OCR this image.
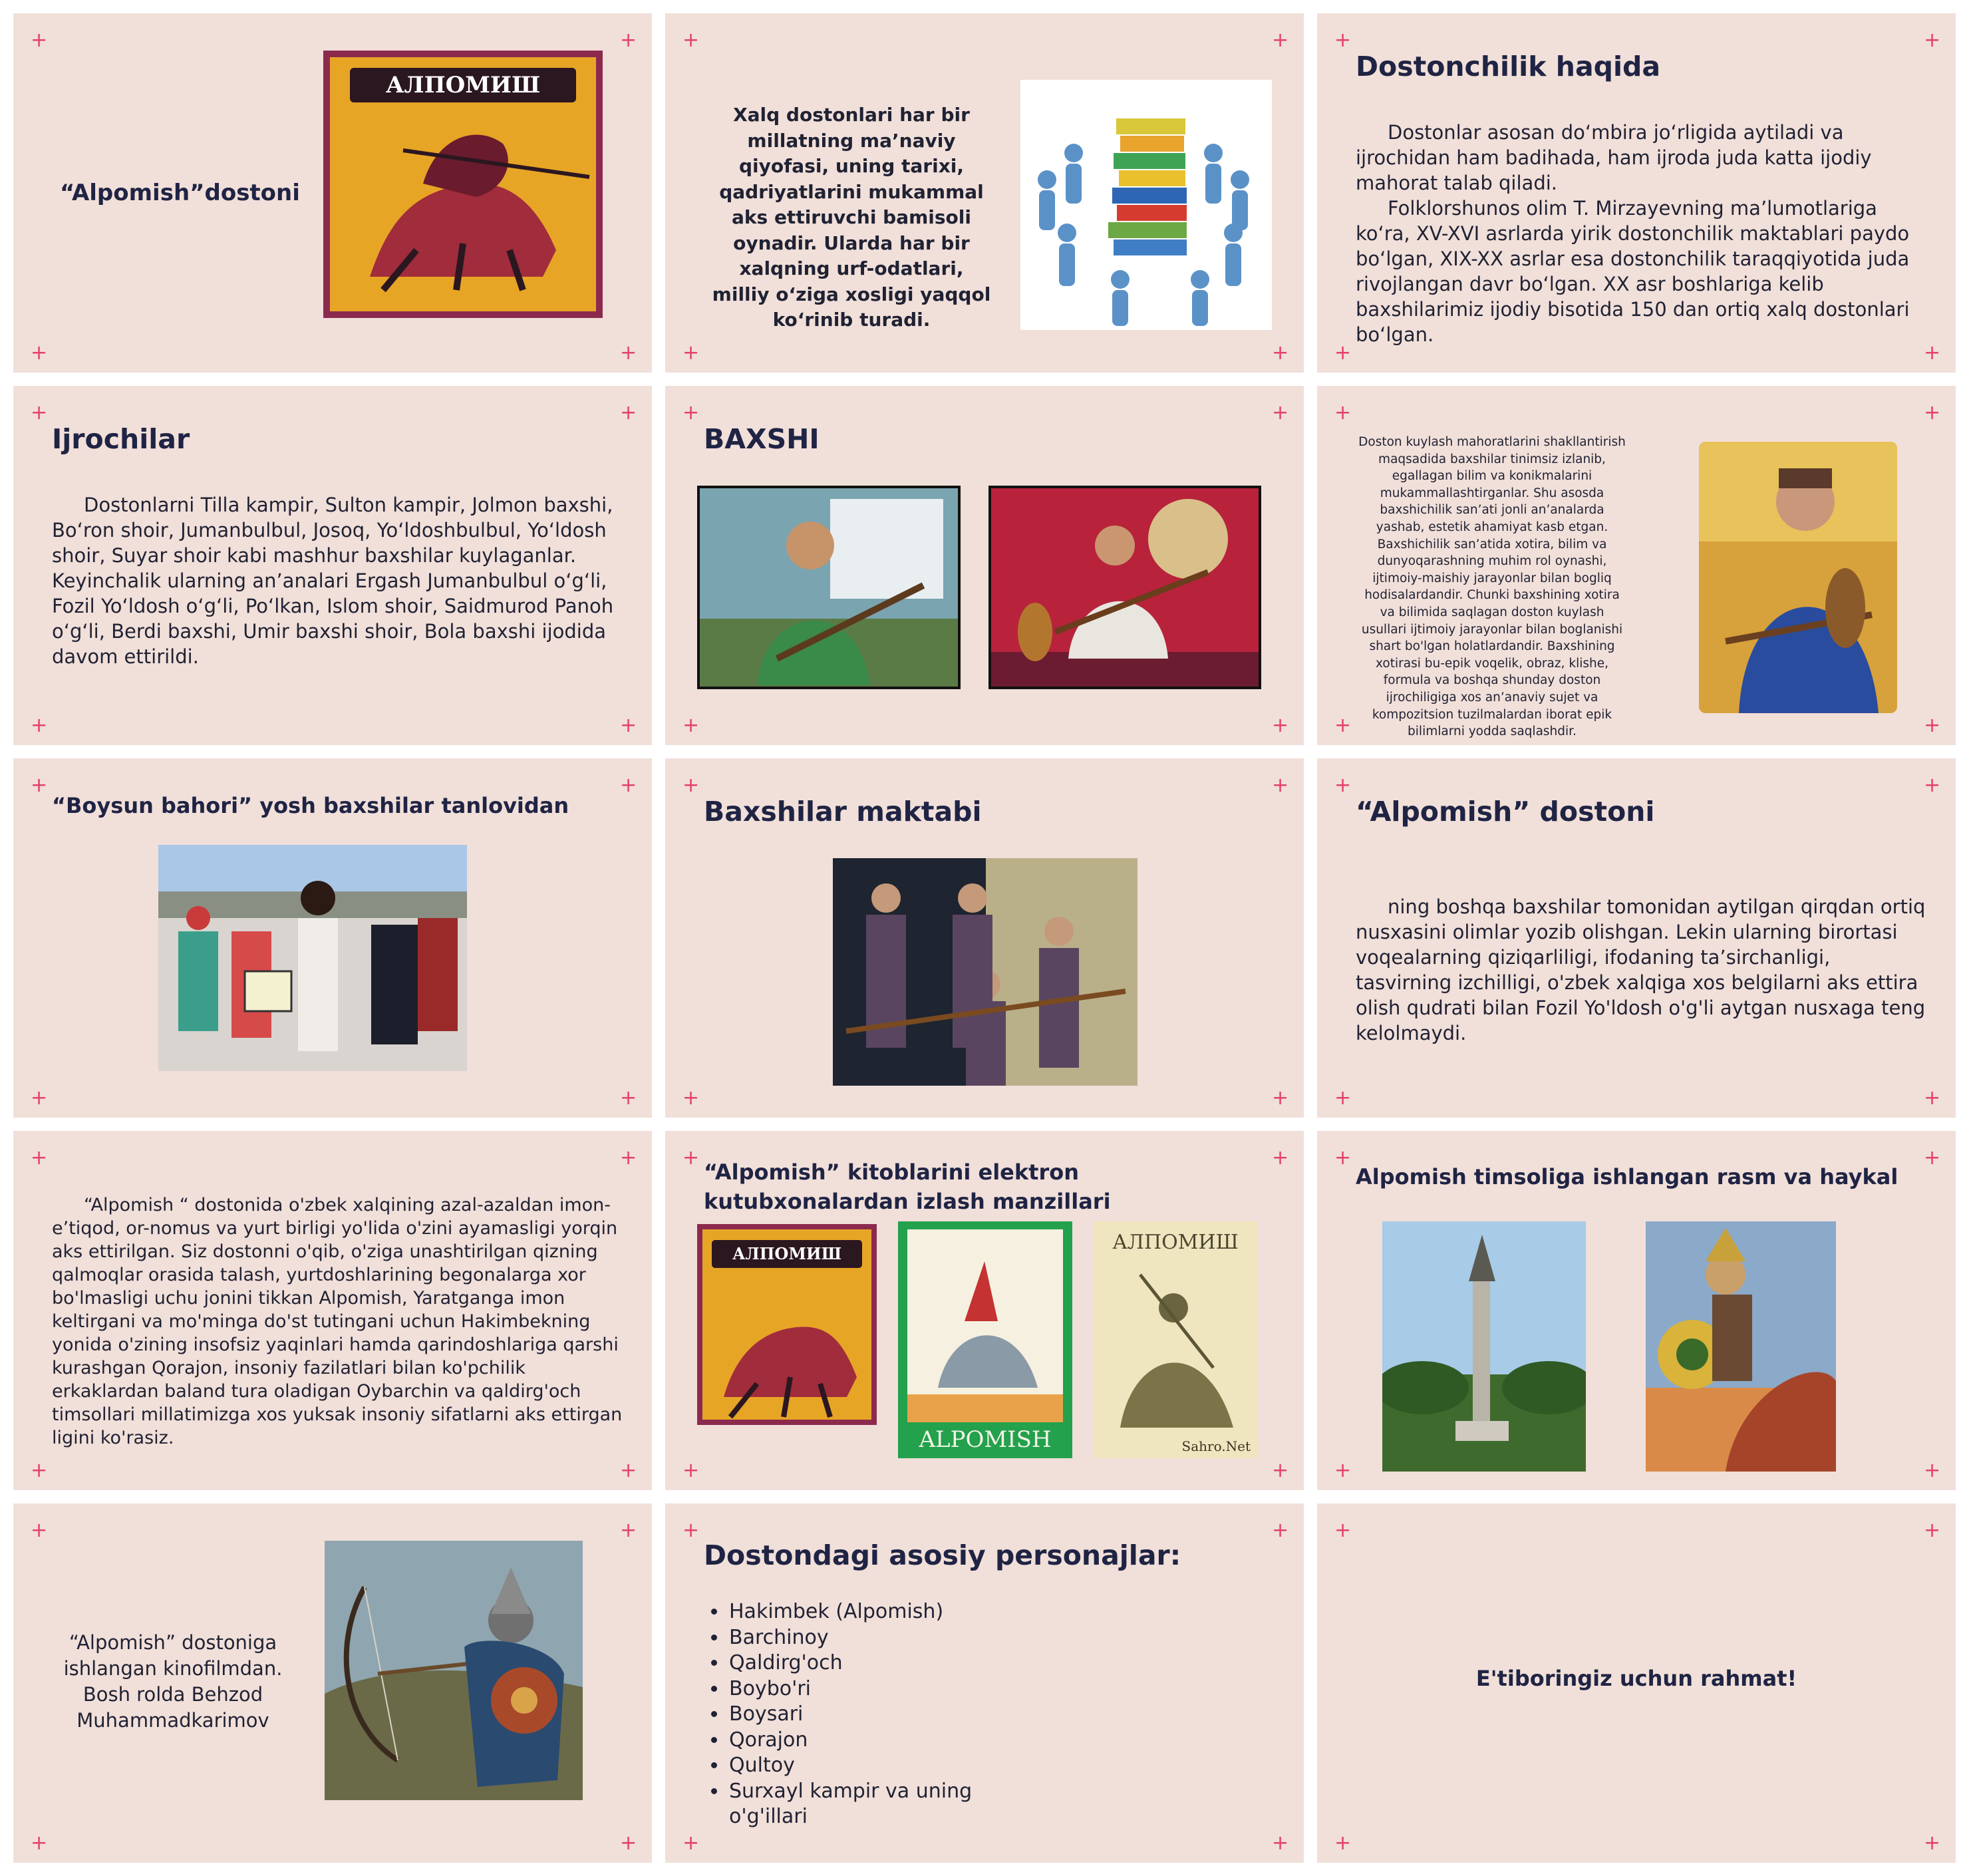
+	+
+	+
“Alpomish”dostoni
АЛПОМИШ
+	+
+	+
Xalq dostonlari har bir millatning ma’naviy qiyofasi, uning tarixi, qadriyatlarini mukammal aks ettiruvchi bamisoli oynadir. Ularda har bir xalqning urf-odatlari, milliy o‘ziga xosligi yaqqol ko‘rinib turadi.
+	+
+	+
Dostonchilik haqida

Dostonlar asosan do‘mbira jo‘rligida aytiladi va ijrochidan ham badihada, ham ijroda juda katta ijodiy mahorat talab qiladi.

Folklorshunos olim T. Mirzayevning ma’lumotlariga ko‘ra, XV-XVI asrlarda yirik dostonchilik maktablari paydo bo‘lgan, XIX-XX asrlar esa dostonchilik taraqqiyotida juda rivojlangan davr bo‘lgan. XX asr boshlariga kelib baxshilarimiz ijodiy bisotida 150 dan ortiq xalq dostonlari bo‘lgan.

+	+
+	+
Ijrochilar

Dostonlarni Tilla kampir, Sulton kampir, Jolmon baxshi, Bo‘ron shoir, Jumanbulbul, Josoq, Yo‘ldoshbulbul, Yo‘ldosh shoir, Suyar shoir kabi mashhur baxshilar kuylaganlar. Keyinchalik ularning an’analari Ergash Jumanbulbul o‘g‘li, Fozil Yo‘ldosh o‘g‘li, Po‘lkan, Islom shoir, Saidmurod Panoh o‘g‘li, Berdi baxshi, Umir baxshi shoir, Bola baxshi ijodida davom ettirildi.

+	+
+	+
BAXSHI
+	+
+	+
Doston kuylash mahoratlarini shakllantirish maqsadida baxshilar tinimsiz izlanib, egallagan bilim va konikmalarini mukammallashtirganlar. Shu asosda baxshichilik san’ati jonli an’analarda yashab, estetik ahamiyat kasb etgan. Baxshichilik san’atida xotira, bilim va dunyoqarashning muhim rol oynashi, ijtimoiy-maishiy jarayonlar bilan bogliq hodisalardandir. Chunki baxshining xotira va bilimida saqlagan doston kuylash usullari ijtimoiy jarayonlar bilan boglanishi shart bo'lgan holatlardandir. Baxshining xotirasi bu-epik voqelik, obraz, klishe, formula va boshqa shunday doston ijrochiligiga xos an’anaviy sujet va kompozitsion tuzilmalardan iborat epik bilimlarni yodda saqlashdir.
+	+
+	+
“Boysun bahori” yosh baxshilar tanlovidan
+	+
+	+
Baxshilar maktabi
+	+
+	+
“Alpomish” dostoni

ning boshqa baxshilar tomonidan aytilgan qirqdan ortiq nusxasini olimlar yozib olishgan. Lekin ularning birortasi voqealarning qiziqarliligi, ifodaning ta’sirchanligi, tasvirning izchilligi, o'zbek xalqiga xos belgilarni aks ettira olish qudrati bilan Fozil Yo'ldosh o'g'li aytgan nusxaga teng kelolmaydi.

+	+
+	+

“Alpomish “ dostonida o'zbek xalqining azal-azaldan imon-e’tiqod, or-nomus va yurt birligi yo'lida o'zini ayamasligi yorqin aks ettirilgan. Siz dostonni o'qib, o'ziga unashtirilgan qizning qalmoqlar orasida talash, yurtdoshlarining begonalarga xor bo'lmasligi uchu jonini tikkan Alpomish, Yaratganga imon keltirgani va mo'minga do'st tutingani uchun Hakimbekning yonida o'zining insofsiz yaqinlari hamda qarindoshlariga qarshi kurashgan Qorajon, insoniy fazilatlari bilan ko'pchilik erkaklardan baland tura oladigan Oybarchin va qaldirg'och timsollari millatimizga xos yuksak insoniy sifatlarni aks ettirgan ligini ko'rasiz.

+	+
+	+
“Alpomish” kitoblarini elektron kutubxonalardan izlash manzillari
АЛПОМИШ
ALPOMISH
АЛПОМИШ
Sahro.Net
+	+
+	+
Alpomish timsoliga ishlangan rasm va haykal
+	+
+	+
“Alpomish” dostoniga ishlangan kinofilmdan. Bosh rolda Behzod Muhammadkarimov
+	+
+	+
Dostondagi asosiy personajlar:
• Hakimbek (Alpomish)
• Barchinoy
• Qaldirg'och
• Boybo'ri
• Boysari
• Qorajon
• Qultoy
• Surxayl kampir va uning o'g'illari
+	+
+	+
E'tiboringiz uchun rahmat!
